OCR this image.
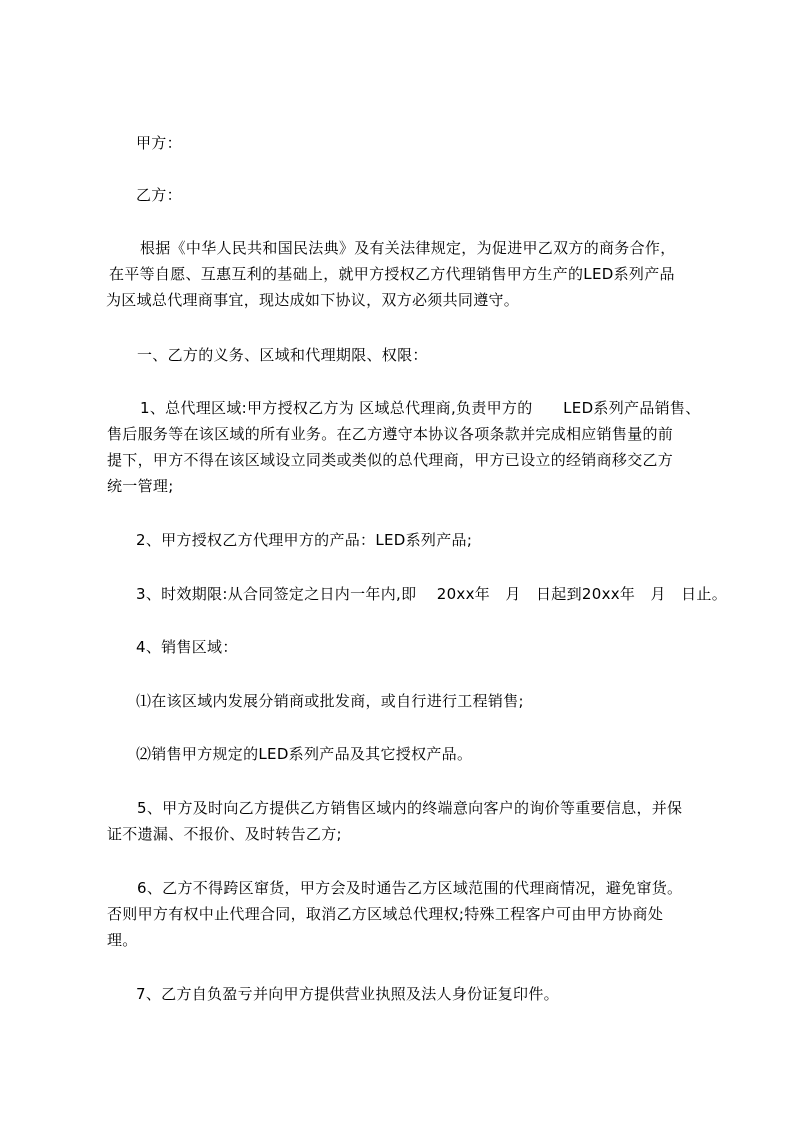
甲方：
乙方：
根据《中华人民共和国民法典》及有关法律规定，为促进甲乙双方的商务合作，
在平等自愿、互惠互利的基础上，就甲方授权乙方代理销售甲方生产的LED系列产品
为区域总代理商事宜，现达成如下协议，双方必须共同遵守。
一、乙方的义务、区域和代理期限、权限：
1、总代理区域:甲方授权乙方为 区域总代理商,负责甲方的　　LED系列产品销售、
售后服务等在该区域的所有业务。在乙方遵守本协议各项条款并完成相应销售量的前
提下，甲方不得在该区域设立同类或类似的总代理商，甲方已设立的经销商移交乙方
统一管理;
2、甲方授权乙方代理甲方的产品：LED系列产品;
3、时效期限:从合同签定之日内一年内,即　 20xx年　月　日起到20xx年　月　日止。
4、销售区域：
⑴在该区域内发展分销商或批发商，或自行进行工程销售;
⑵销售甲方规定的LED系列产品及其它授权产品。
5、甲方及时向乙方提供乙方销售区域内的终端意向客户的询价等重要信息，并保
证不遗漏、不报价、及时转告乙方;
6、乙方不得跨区窜货，甲方会及时通告乙方区域范围的代理商情况，避免窜货。
否则甲方有权中止代理合同，取消乙方区域总代理权;特殊工程客户可由甲方协商处
理。
7、乙方自负盈亏并向甲方提供营业执照及法人身份证复印件。
